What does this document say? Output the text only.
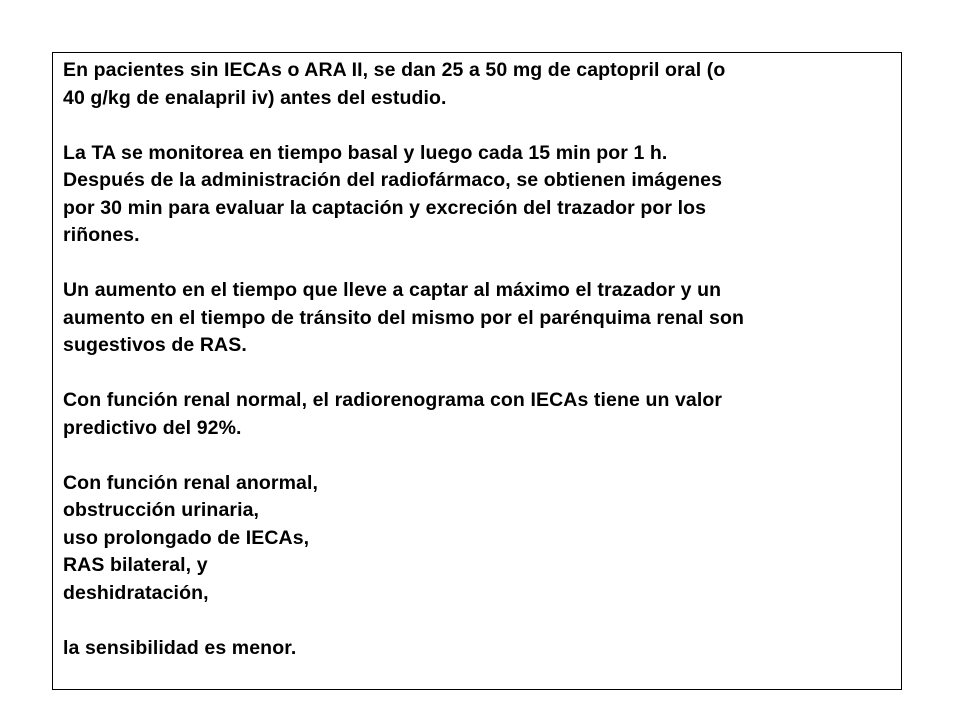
En pacientes sin IECAs o ARA II, se dan 25 a 50 mg de captopril oral (o
40 g/kg de enalapril iv) antes del estudio.
La TA se monitorea en tiempo basal y luego cada 15 min por 1 h.
Después de la administración del radiofármaco, se obtienen imágenes
por 30 min para evaluar la captación y excreción del trazador por los
riñones.
Un aumento en el tiempo que lleve a captar al máximo el trazador y un
aumento en el tiempo de tránsito del mismo por el parénquima renal son
sugestivos de RAS.
Con función renal normal, el radiorenograma con IECAs tiene un valor
predictivo del 92%.
Con función renal anormal,
obstrucción urinaria,
uso prolongado de IECAs,
RAS bilateral, y
deshidratación,
la sensibilidad es menor.
